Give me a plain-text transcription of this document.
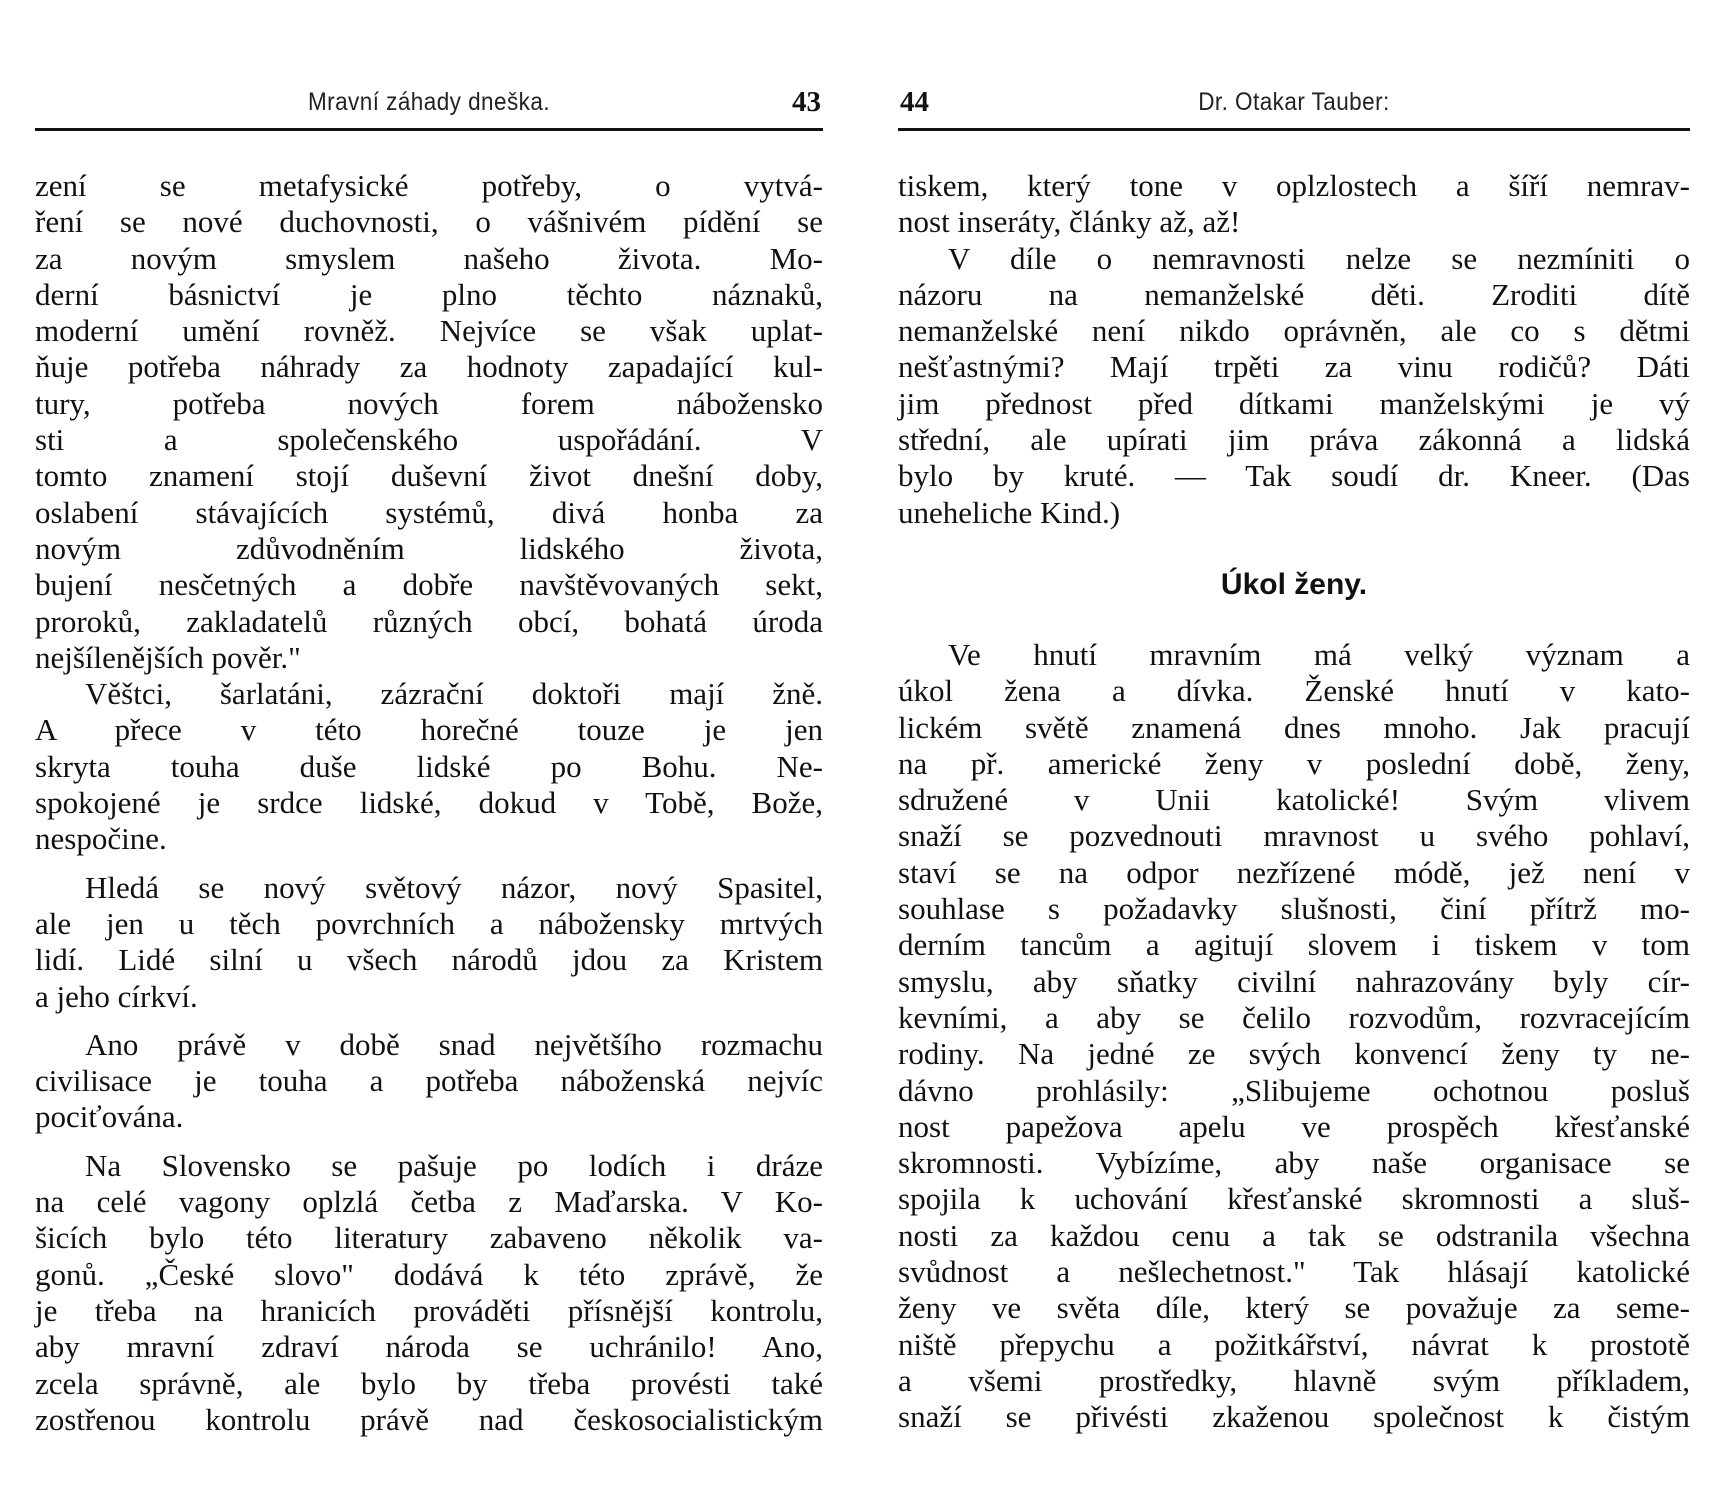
Mravní záhady dneška.	43
zení se metafysické potřeby, o vytvá-
ření se nové duchovnosti, o vášnivém pídění se
za novým smyslem našeho života. Mo-
derní básnictví je plno těchto náznaků,
moderní umění rovněž. Nejvíce se však uplat-
ňuje potřeba náhrady za hodnoty zapadající kul-
tury, potřeba nových forem nábožensko
sti a společenského uspořádání. V
tomto znamení stojí duševní život dnešní doby,
oslabení stávajících systémů, divá honba za
novým zdůvodněním lidského života,
bujení nesčetných a dobře navštěvovaných sekt,
proroků, zakladatelů různých obcí, bohatá úroda
nejšílenějších pověr."
Věštci, šarlatáni, zázrační doktoři mají žně.
A přece v této horečné touze je jen
skryta touha duše lidské po Bohu. Ne-
spokojené je srdce lidské, dokud v Tobě, Bože,
nespočine.
Hledá se nový světový názor, nový Spasitel,
ale jen u těch povrchních a nábožensky mrtvých
lidí. Lidé silní u všech národů jdou za Kristem
a jeho církví.
Ano právě v době snad největšího rozmachu
civilisace je touha a potřeba náboženská nejvíc
pociťována.
Na Slovensko se pašuje po lodích i dráze
na celé vagony oplzlá četba z Maďarska. V Ko-
šicích bylo této literatury zabaveno několik va-
gonů. „České slovo" dodává k této zprávě, že
je třeba na hranicích prováděti přísnější kontrolu,
aby mravní zdraví národa se uchránilo! Ano,
zcela správně, ale bylo by třeba provésti také
zostřenou kontrolu právě nad českosocialistickým
44	Dr. Otakar Tauber:
tiskem, který tone v oplzlostech a šíří nemrav-
nost inseráty, články až, až!
V díle o nemravnosti nelze se nezmíniti o
názoru na nemanželské děti. Zroditi dítě
nemanželské není nikdo oprávněn, ale co s dětmi
nešťastnými? Mají trpěti za vinu rodičů? Dáti
jim přednost před dítkami manželskými je vý
střední, ale upírati jim práva zákonná a lidská
bylo by kruté. — Tak soudí dr. Kneer. (Das
uneheliche Kind.)
Úkol ženy.
Ve hnutí mravním má velký význam a
úkol žena a dívka. Ženské hnutí v kato-
lickém světě znamená dnes mnoho. Jak pracují
na př. americké ženy v poslední době, ženy,
sdružené v Unii katolické! Svým vlivem
snaží se pozvednouti mravnost u svého pohlaví,
staví se na odpor nezřízené módě, jež není v
souhlase s požadavky slušnosti, činí přítrž mo-
derním tancům a agitují slovem i tiskem v tom
smyslu, aby sňatky civilní nahrazovány byly cír-
kevními, a aby se čelilo rozvodům, rozvracejícím
rodiny. Na jedné ze svých konvencí ženy ty ne-
dávno prohlásily: „Slibujeme ochotnou posluš
nost papežova apelu ve prospěch křesťanské
skromnosti. Vybízíme, aby naše organisace se
spojila k uchování křesťanské skromnosti a sluš-
nosti za každou cenu a tak se odstranila všechna
svůdnost a nešlechetnost." Tak hlásají katolické
ženy ve světa díle, který se považuje za seme-
niště přepychu a požitkářství, návrat k prostotě
a všemi prostředky, hlavně svým příkladem,
snaží se přivésti zkaženou společnost k čistým
